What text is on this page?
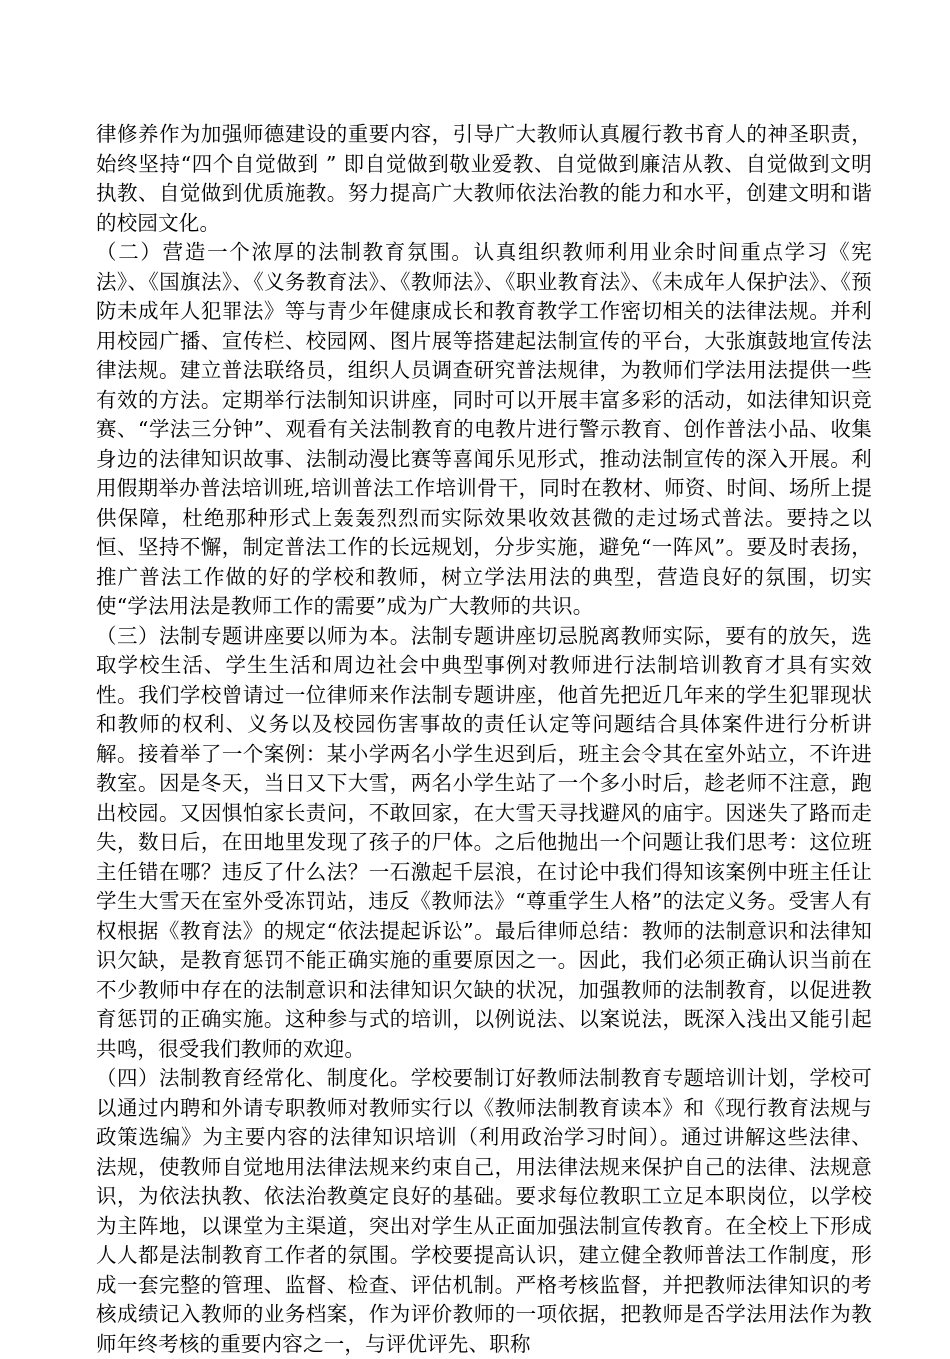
律修养作为加强师德建设的重要内容，引导广大教师认真履行教书育人的神圣职责，始终坚持“四个自觉做到 ” 即自觉做到敬业爱教、自觉做到廉洁从教、自觉做到文明执教、自觉做到优质施教。努力提高广大教师依法治教的能力和水平，创建文明和谐的校园文化。

（二）营造一个浓厚的法制教育氛围。认真组织教师利用业余时间重点学习《宪法》、《国旗法》、《义务教育法》、《教师法》、《职业教育法》、《未成年人保护法》、《预防未成年人犯罪法》等与青少年健康成长和教育教学工作密切相关的法律法规。并利用校园广播、宣传栏、校园网、图片展等搭建起法制宣传的平台，大张旗鼓地宣传法律法规。建立普法联络员，组织人员调查研究普法规律，为教师们学法用法提供一些有效的方法。定期举行法制知识讲座，同时可以开展丰富多彩的活动，如法律知识竞赛、“学法三分钟”、观看有关法制教育的电教片进行警示教育、创作普法小品、收集身边的法律知识故事、法制动漫比赛等喜闻乐见形式，推动法制宣传的深入开展。利用假期举办普法培训班,培训普法工作培训骨干，同时在教材、师资、时间、场所上提供保障，杜绝那种形式上轰轰烈烈而实际效果收效甚微的走过场式普法。要持之以恒、坚持不懈，制定普法工作的长远规划，分步实施，避免“一阵风”。要及时表扬，推广普法工作做的好的学校和教师，树立学法用法的典型，营造良好的氛围，切实使“学法用法是教师工作的需要”成为广大教师的共识。

（三）法制专题讲座要以师为本。法制专题讲座切忌脱离教师实际，要有的放矢，选取学校生活、学生生活和周边社会中典型事例对教师进行法制培训教育才具有实效性。我们学校曾请过一位律师来作法制专题讲座，他首先把近几年来的学生犯罪现状和教师的权利、义务以及校园伤害事故的责任认定等问题结合具体案件进行分析讲解。接着举了一个案例：某小学两名小学生迟到后，班主会令其在室外站立，不许进教室。因是冬天，当日又下大雪，两名小学生站了一个多小时后，趁老师不注意，跑出校园。又因惧怕家长责问，不敢回家，在大雪天寻找避风的庙宇。因迷失了路而走失，数日后，在田地里发现了孩子的尸体。之后他抛出一个问题让我们思考：这位班主任错在哪？违反了什么法？一石激起千层浪，在讨论中我们得知该案例中班主任让学生大雪天在室外受冻罚站，违反《教师法》“尊重学生人格”的法定义务。受害人有权根据《教育法》的规定“依法提起诉讼”。最后律师总结：教师的法制意识和法律知识欠缺，是教育惩罚不能正确实施的重要原因之一。因此，我们必须正确认识当前在不少教师中存在的法制意识和法律知识欠缺的状况，加强教师的法制教育，以促进教育惩罚的正确实施。这种参与式的培训，以例说法、以案说法，既深入浅出又能引起共鸣，很受我们教师的欢迎。

（四）法制教育经常化、制度化。学校要制订好教师法制教育专题培训计划，学校可以通过内聘和外请专职教师对教师实行以《教师法制教育读本》和《现行教育法规与政策选编》为主要内容的法律知识培训（利用政治学习时间）。通过讲解这些法律、法规，使教师自觉地用法律法规来约束自己，用法律法规来保护自己的法律、法规意识，为依法执教、依法治教奠定良好的基础。要求每位教职工立足本职岗位，以学校为主阵地，以课堂为主渠道，突出对学生从正面加强法制宣传教育。在全校上下形成人人都是法制教育工作者的氛围。学校要提高认识，建立健全教师普法工作制度，形成一套完整的管理、监督、检查、评估机制。严格考核监督，并把教师法律知识的考核成绩记入教师的业务档案，作为评价教师的一项依据，把教师是否学法用法作为教师年终考核的重要内容之一，与评优评先、职称
